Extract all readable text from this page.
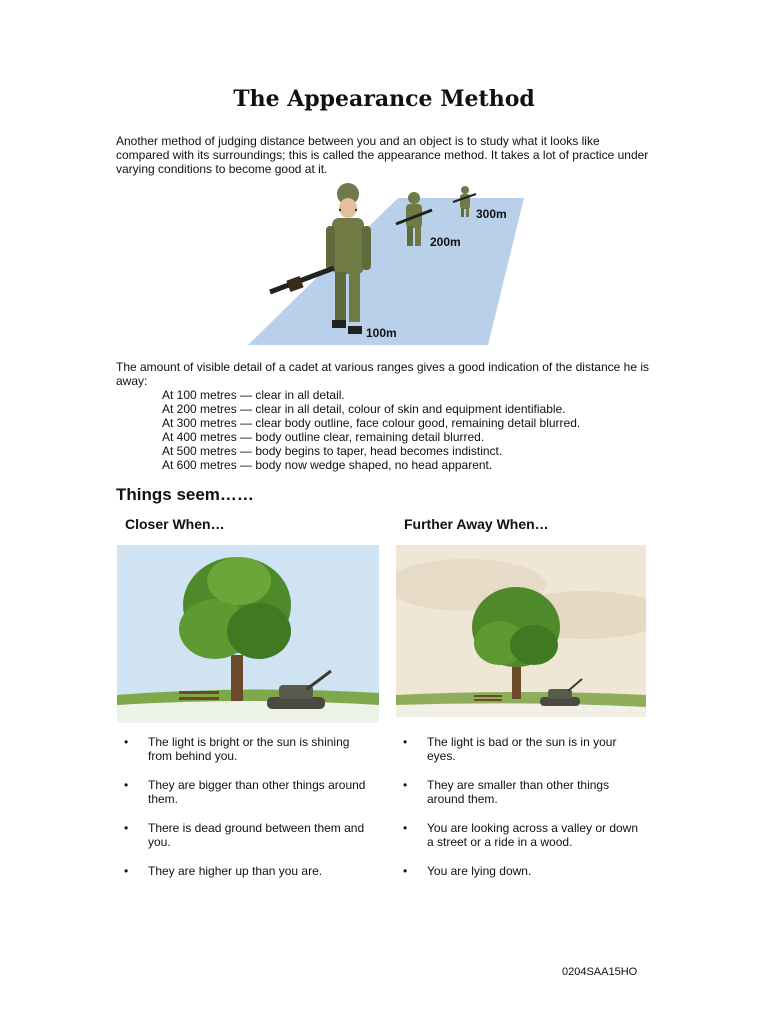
The Appearance Method
Another method of judging distance between you and an object is to study what it looks like compared with its surroundings; this is called the appearance method. It takes a lot of practice under varying conditions to become good at it.
300m
200m
100m
The amount of visible detail of a cadet at various ranges gives a good indication of the distance he is away:
At 100 metres — clear in all detail.
At 200 metres — clear in all detail, colour of skin and equipment identifiable.
At 300 metres — clear body outline, face colour good, remaining detail blurred.
At 400 metres — body outline clear, remaining detail blurred.
At 500 metres — body begins to taper, head becomes indistinct.
At 600 metres — body now wedge shaped, no head apparent.
Things seem……
Closer When…	Further Away When…
• The light is bright or the sun is shining from behind you.
• They are bigger than other things around them.
• There is dead ground between them and you.
• They are higher up than you are.
• The light is bad or the sun is in your eyes.
• They are smaller than other things around them.
• You are looking across a valley or down a street or a ride in a wood.
• You are lying down.
0204SAA15HO
